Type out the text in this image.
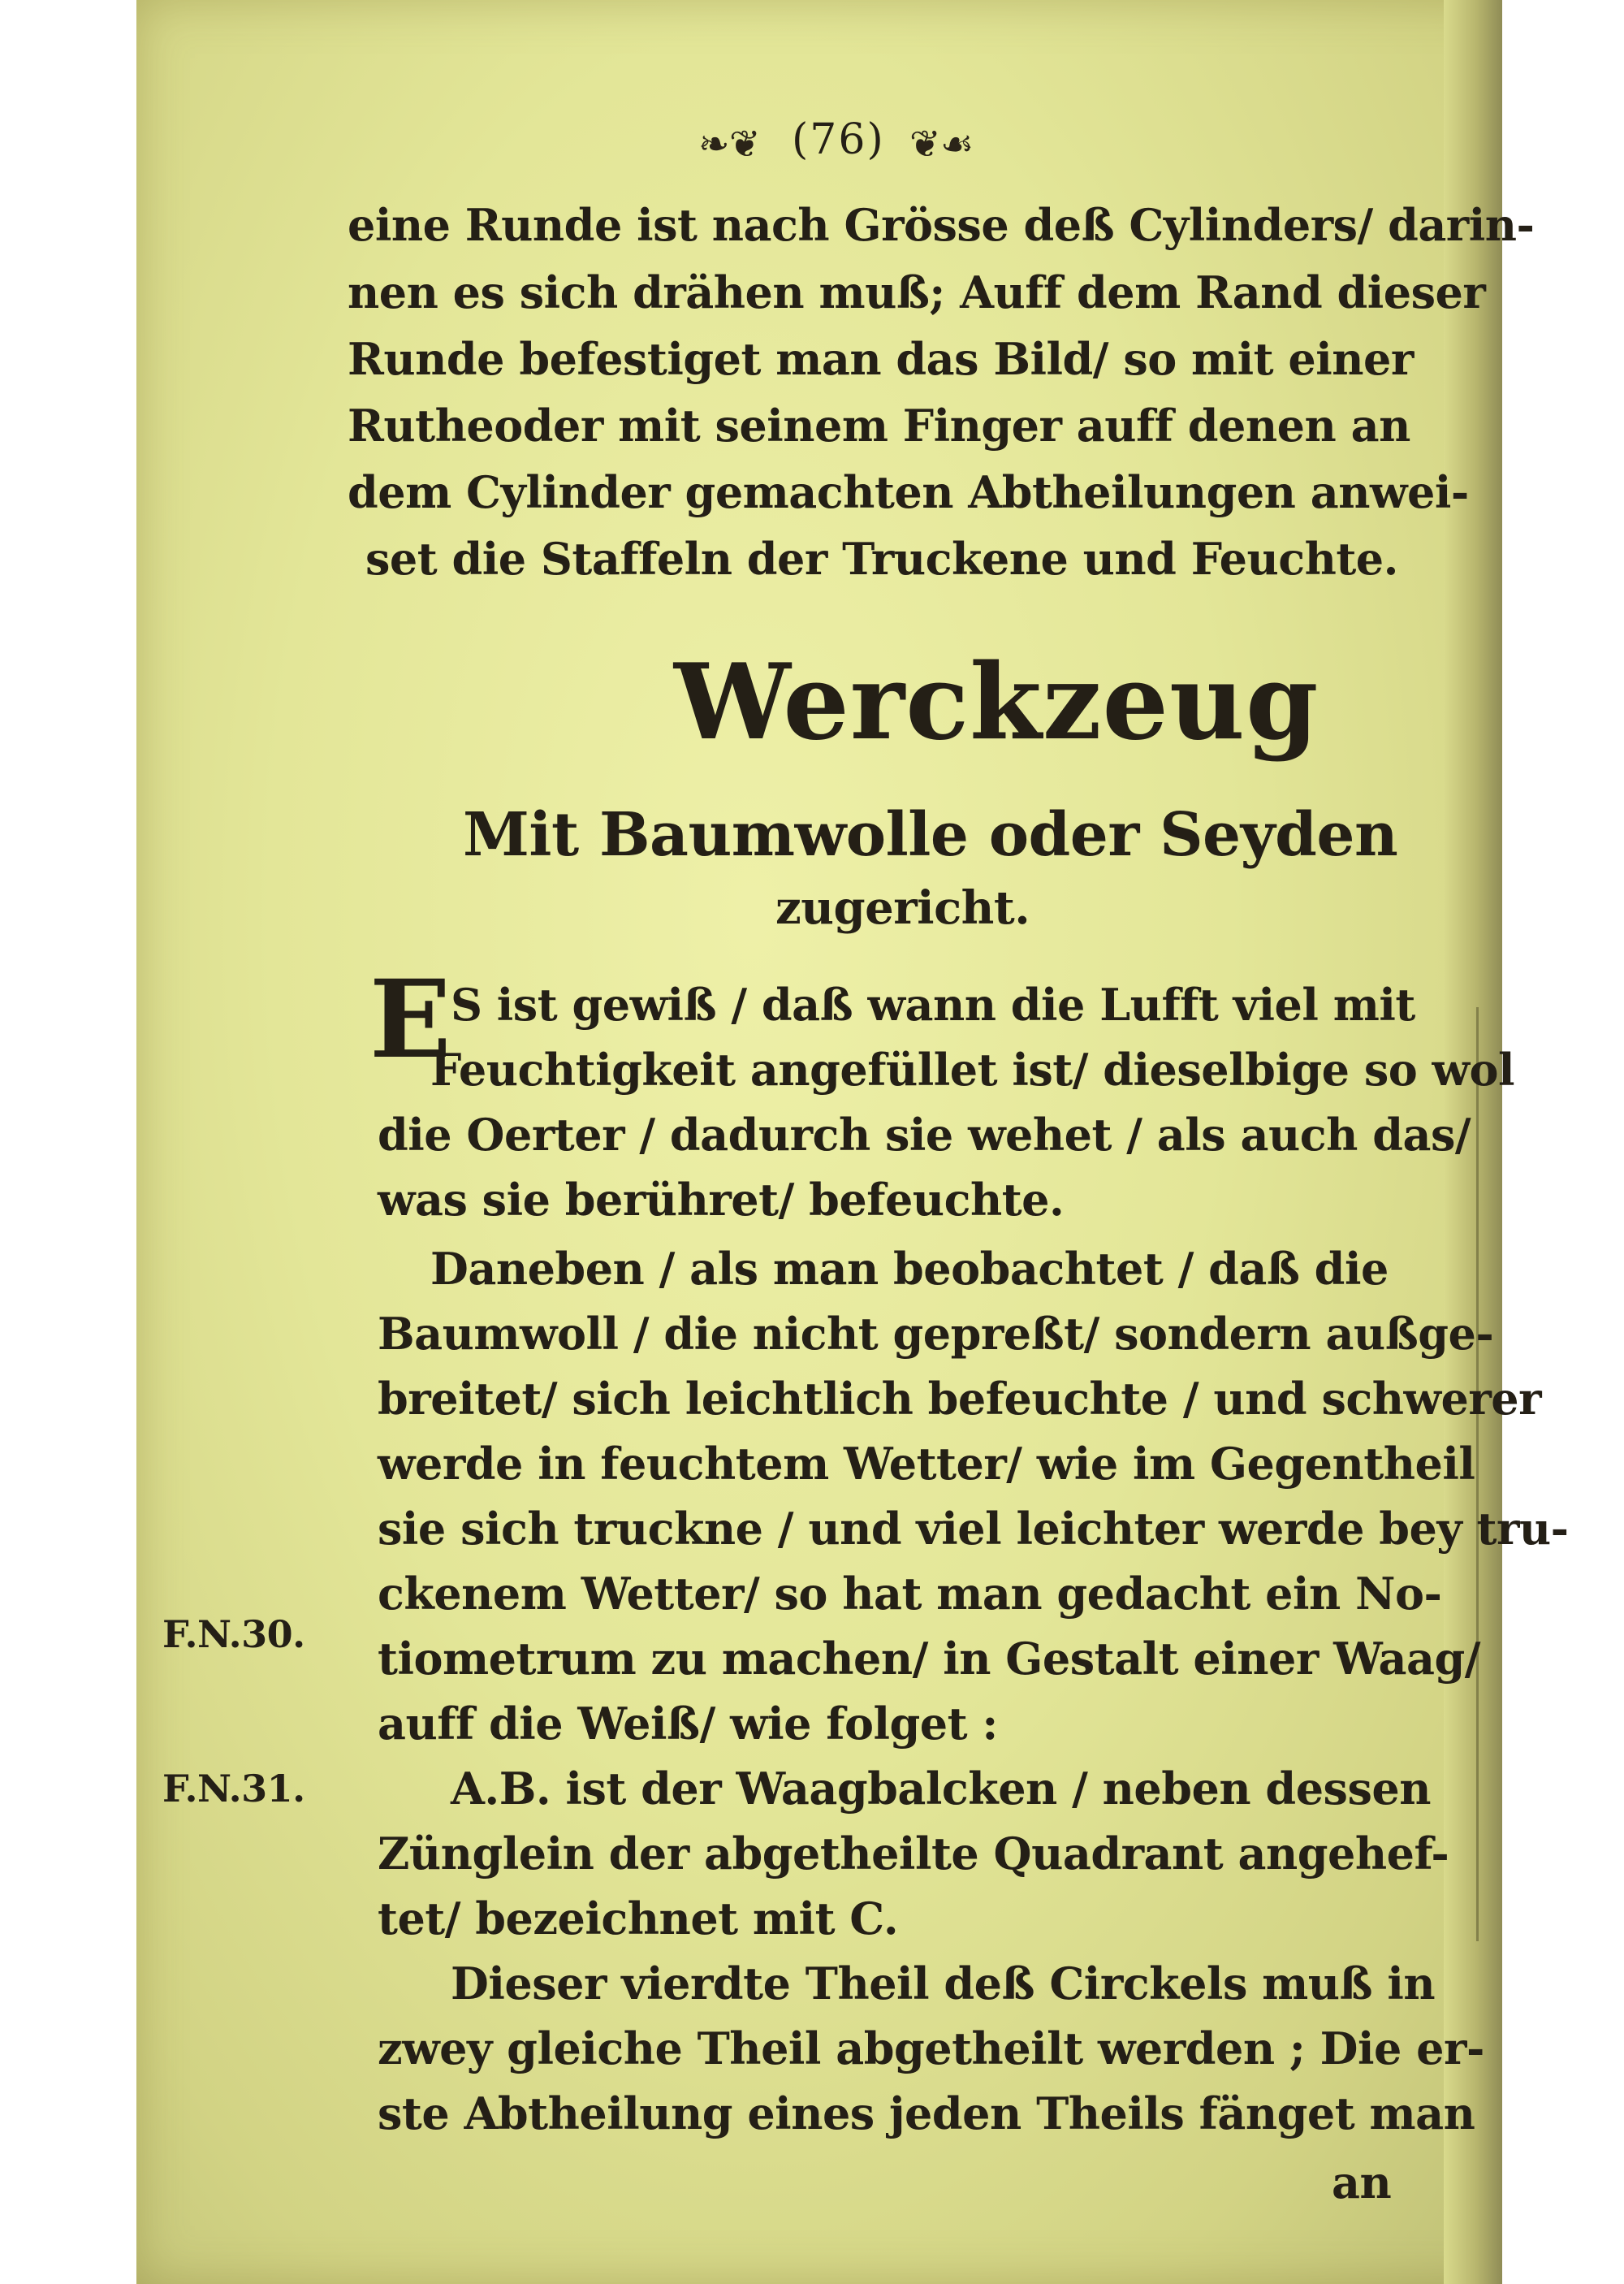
❧❦ (76) ❦☙
eine Runde ist nach Grösse deß Cylinders/ darin-
nen es sich drähen muß; Auff dem Rand dieser
Runde befestiget man das Bild/ so mit einer
Rutheoder mit seinem Finger auff denen an
dem Cylinder gemachten Abtheilungen anwei-
set die Staffeln der Truckene und Feuchte.
Werckzeug
Mit Baumwolle oder Seyden
zugericht.
E S ist gewiß / daß wann die Lufft viel mit
Feuchtigkeit angefüllet ist/ dieselbige so wol
die Oerter / dadurch sie wehet / als auch das/
was sie berühret/ befeuchte.
Daneben / als man beobachtet / daß die
Baumwoll / die nicht gepreßt/ sondern außge-
breitet/ sich leichtlich befeuchte / und schwerer
werde in feuchtem Wetter/ wie im Gegentheil
sie sich truckne / und viel leichter werde bey tru-
ckenem Wetter/ so hat man gedacht ein No-
tiometrum zu machen/ in Gestalt einer Waag/
auff die Weiß/ wie folget :
A.B. ist der Waagbalcken / neben dessen
Zünglein der abgetheilte Quadrant angehef-
tet/ bezeichnet mit C.
Dieser vierdte Theil deß Circkels muß in
zwey gleiche Theil abgetheilt werden ; Die er-
ste Abtheilung eines jeden Theils fänget man
an
F.N.30.
F.N.31.
